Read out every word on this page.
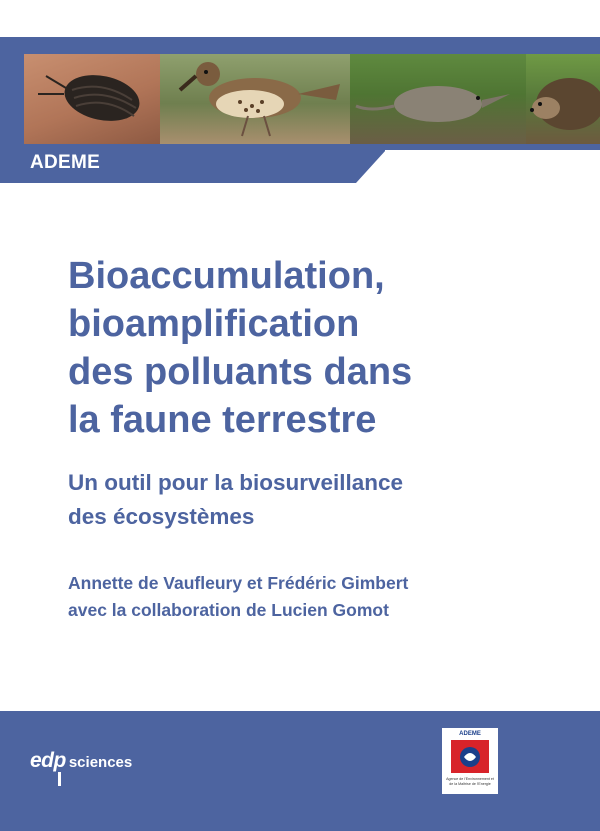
ADEME
Bioaccumulation,
bioamplification
des polluants dans
la faune terrestre
Un outil pour la biosurveillance
des écosystèmes
Annette de Vaufleury et Frédéric Gimbert
avec la collaboration de Lucien Gomot
edp sciences
ADEME
Agence de l'Environnement et de la Maîtrise de l'Energie
